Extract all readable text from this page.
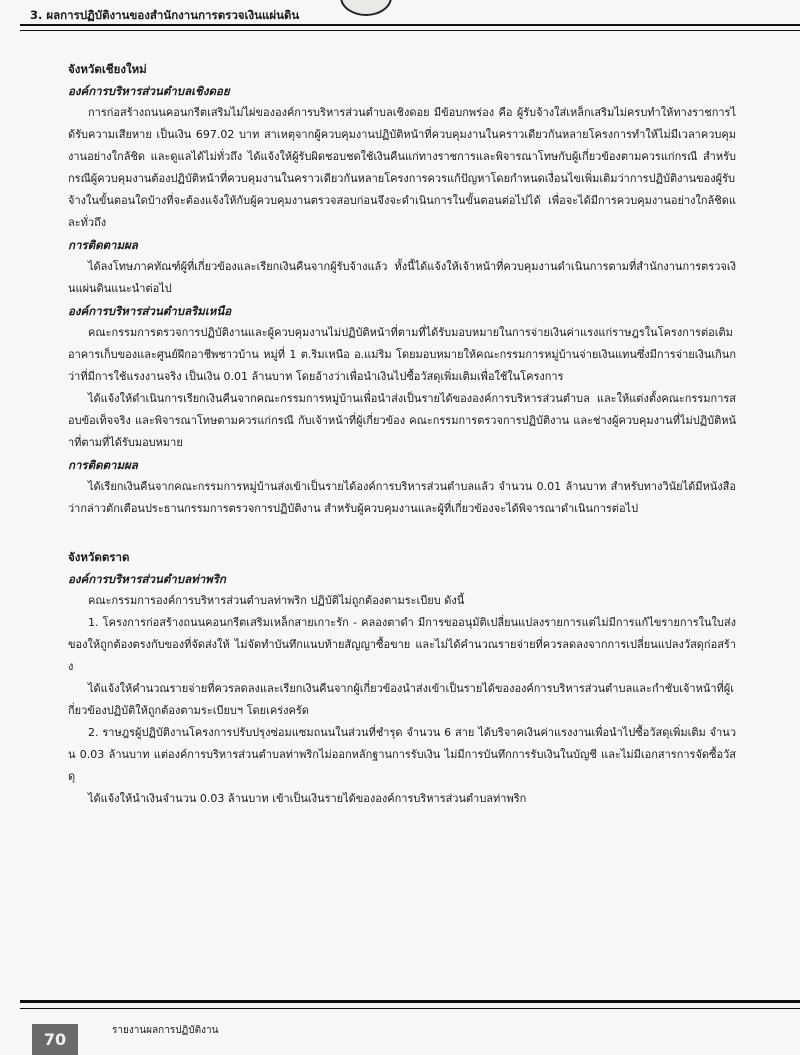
3. ผลการปฏิบัติงานของสำนักงานการตรวจเงินแผ่นดิน
จังหวัดเชียงใหม่
องค์การบริหารส่วนตำบลเชิงดอย

การก่อสร้างถนนคอนกรีตเสริมไม่ไผ่ขององค์การบริหารส่วนตำบลเชิงดอย มีข้อบกพร่อง คือ ผู้รับจ้างใส่เหล็กเสริมไม่ครบทำให้ทางราชการได้รับความเสียหาย เป็นเงิน 697.02 บาท สาเหตุจากผู้ควบคุมงานปฏิบัติหน้าที่ควบคุมงานในคราวเดียวกันหลายโครงการทำให้ไม่มีเวลาควบคุมงานอย่างใกล้ชิด และดูแลได้ไม่ทั่วถึง ได้แจ้งให้ผู้รับผิดชอบชดใช้เงินคืนแก่ทางราชการและพิจารณาโทษกับผู้เกี่ยวข้องตามควรแก่กรณี สำหรับกรณีผู้ควบคุมงานต้องปฏิบัติหน้าที่ควบคุมงานในคราวเดียวกันหลายโครงการควรแก้ปัญหาโดยกำหนดเงื่อนไขเพิ่มเติมว่าการปฏิบัติงานของผู้รับจ้างในขั้นตอนใดบ้างที่จะต้องแจ้งให้กับผู้ควบคุมงานตรวจสอบก่อนจึงจะดำเนินการในขั้นตอนต่อไปได้ เพื่อจะได้มีการควบคุมงานอย่างใกล้ชิดและทั่วถึง

การติดตามผล

ได้ลงโทษภาคทัณฑ์ผู้ที่เกี่ยวข้องและเรียกเงินคืนจากผู้รับจ้างแล้ว ทั้งนี้ได้แจ้งให้เจ้าหน้าที่ควบคุมงานดำเนินการตามที่สำนักงานการตรวจเงินแผ่นดินแนะนำต่อไป

องค์การบริหารส่วนตำบลริมเหนือ

คณะกรรมการตรวจการปฏิบัติงานและผู้ควบคุมงานไม่ปฏิบัติหน้าที่ตามที่ได้รับมอบหมายในการจ่ายเงินค่าแรงแก่ราษฎรในโครงการต่อเติมอาคารเก็บของและศูนย์ฝึกอาชีพชาวบ้าน หมู่ที่ 1 ต.ริมเหนือ อ.แม่ริม โดยมอบหมายให้คณะกรรมการหมู่บ้านจ่ายเงินแทนซึ่งมีการจ่ายเงินเกินกว่าที่มีการใช้แรงงานจริง เป็นเงิน 0.01 ล้านบาท โดยอ้างว่าเพื่อนำเงินไปซื้อวัสดุเพิ่มเติมเพื่อใช้ในโครงการ

ได้แจ้งให้ดำเนินการเรียกเงินคืนจากคณะกรรมการหมู่บ้านเพื่อนำส่งเป็นรายได้ขององค์การบริหารส่วนตำบล และให้แต่งตั้งคณะกรรมการสอบข้อเท็จจริง และพิจารณาโทษตามควรแก่กรณี กับเจ้าหน้าที่ผู้เกี่ยวข้อง คณะกรรมการตรวจการปฏิบัติงาน และช่างผู้ควบคุมงานที่ไม่ปฏิบัติหน้าที่ตามที่ได้รับมอบหมาย

การติดตามผล

ได้เรียกเงินคืนจากคณะกรรมการหมู่บ้านส่งเข้าเป็นรายได้องค์การบริหารส่วนตำบลแล้ว จำนวน 0.01 ล้านบาท สำหรับทางวินัยได้มีหนังสือว่ากล่าวตักเตือนประธานกรรมการตรวจการปฏิบัติงาน สำหรับผู้ควบคุมงานและผู้ที่เกี่ยวข้องจะได้พิจารณาดำเนินการต่อไป

จังหวัดตราด
องค์การบริหารส่วนตำบลท่าพริก

คณะกรรมการองค์การบริหารส่วนตำบลท่าพริก ปฏิบัติไม่ถูกต้องตามระเบียบ ดังนี้

1. โครงการก่อสร้างถนนคอนกรีตเสริมเหล็กสายเกาะรัก - คลองตาดำ มีการขออนุมัติเปลี่ยนแปลงรายการแต่ไม่มีการแก้ไขรายการในใบส่งของให้ถูกต้องตรงกับของที่จัดส่งให้ ไม่จัดทำบันทึกแนบท้ายสัญญาซื้อขาย และไม่ได้คำนวณรายจ่ายที่ควรลดลงจากการเปลี่ยนแปลงวัสดุก่อสร้าง

ได้แจ้งให้คำนวณรายจ่ายที่ควรลดลงและเรียกเงินคืนจากผู้เกี่ยวข้องนำส่งเข้าเป็นรายได้ขององค์การบริหารส่วนตำบลและกำชับเจ้าหน้าที่ผู้เกี่ยวข้องปฏิบัติให้ถูกต้องตามระเบียบฯ โดยเคร่งครัด

2. ราษฎรผู้ปฏิบัติงานโครงการปรับปรุงซ่อมแซมถนนในส่วนที่ชำรุด จำนวน 6 สาย ได้บริจาคเงินค่าแรงงานเพื่อนำไปซื้อวัสดุเพิ่มเติม จำนวน 0.03 ล้านบาท แต่องค์การบริหารส่วนตำบลท่าพริกไม่ออกหลักฐานการรับเงิน ไม่มีการบันทึกการรับเงินในบัญชี และไม่มีเอกสารการจัดซื้อวัสดุ

ได้แจ้งให้นำเงินจำนวน 0.03 ล้านบาท เข้าเป็นเงินรายได้ขององค์การบริหารส่วนตำบลท่าพริก

70	รายงานผลการปฏิบัติงาน
